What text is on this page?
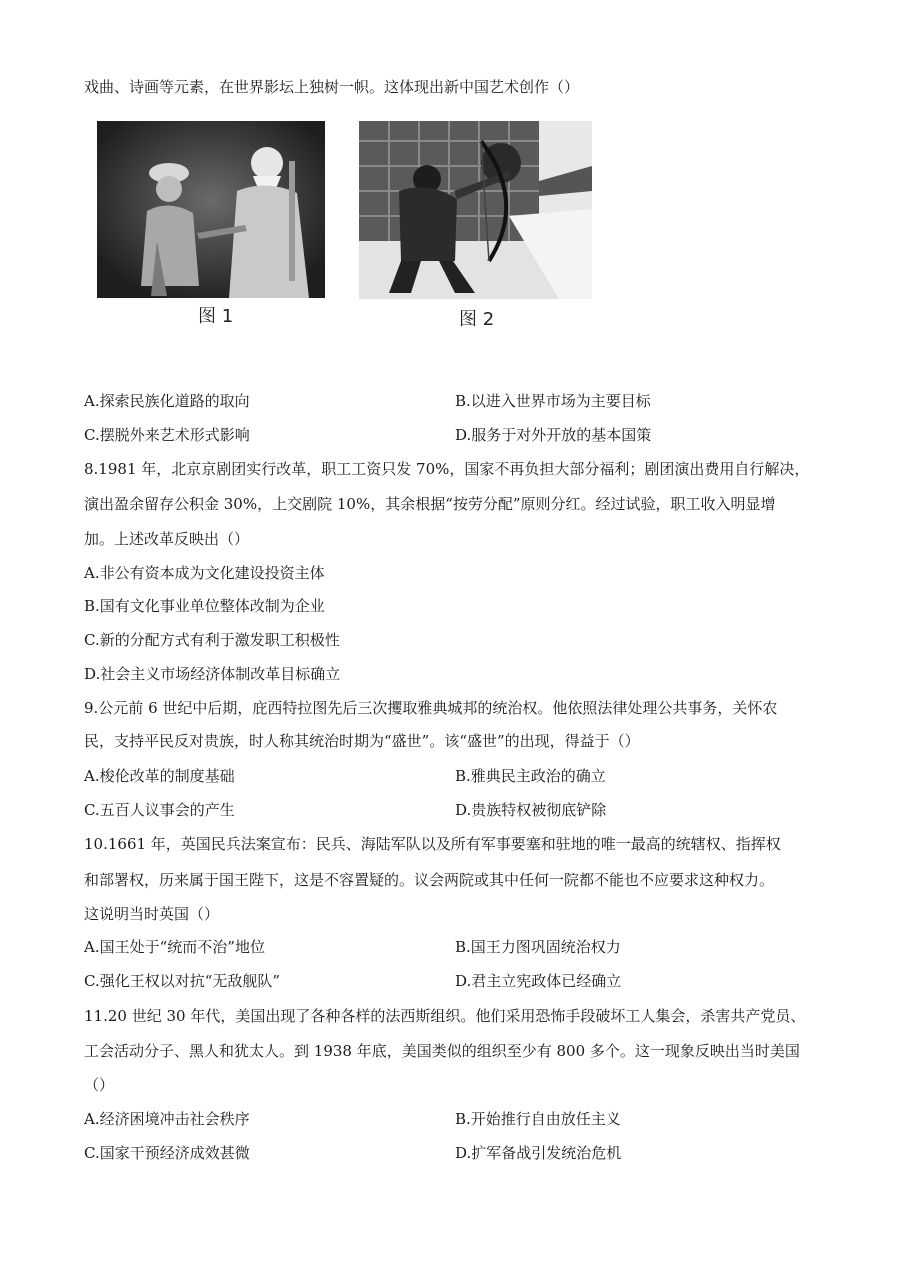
戏曲、诗画等元素，在世界影坛上独树一帜。这体现出新中国艺术创作（）
图 1	图 2
A.探索民族化道路的取向	B.以进入世界市场为主要目标
C.摆脱外来艺术形式影响	D.服务于对外开放的基本国策
8.1981 年，北京京剧团实行改革，职工工资只发 70%，国家不再负担大部分福利；剧团演出费用自行解决，
演出盈余留存公积金 30%，上交剧院 10%，其余根据“按劳分配”原则分红。经过试验，职工收入明显增
加。上述改革反映出（）
A.非公有资本成为文化建设投资主体
B.国有文化事业单位整体改制为企业
C.新的分配方式有利于激发职工积极性
D.社会主义市场经济体制改革目标确立
9.公元前 6 世纪中后期，庇西特拉图先后三次攫取雅典城邦的统治权。他依照法律处理公共事务，关怀农
民，支持平民反对贵族，时人称其统治时期为“盛世”。该“盛世”的出现，得益于（）
A.梭伦改革的制度基础	B.雅典民主政治的确立
C.五百人议事会的产生	D.贵族特权被彻底铲除
10.1661 年，英国民兵法案宣布：民兵、海陆军队以及所有军事要塞和驻地的唯一最高的统辖权、指挥权
和部署权，历来属于国王陛下，这是不容置疑的。议会两院或其中任何一院都不能也不应要求这种权力。
这说明当时英国（）
A.国王处于“统而不治”地位	B.国王力图巩固统治权力
C.强化王权以对抗“无敌舰队”	D.君主立宪政体已经确立
11.20 世纪 30 年代，美国出现了各种各样的法西斯组织。他们采用恐怖手段破坏工人集会，杀害共产党员、
工会活动分子、黑人和犹太人。到 1938 年底，美国类似的组织至少有 800 多个。这一现象反映出当时美国
（）
A.经济困境冲击社会秩序	B.开始推行自由放任主义
C.国家干预经济成效甚微	D.扩军备战引发统治危机
